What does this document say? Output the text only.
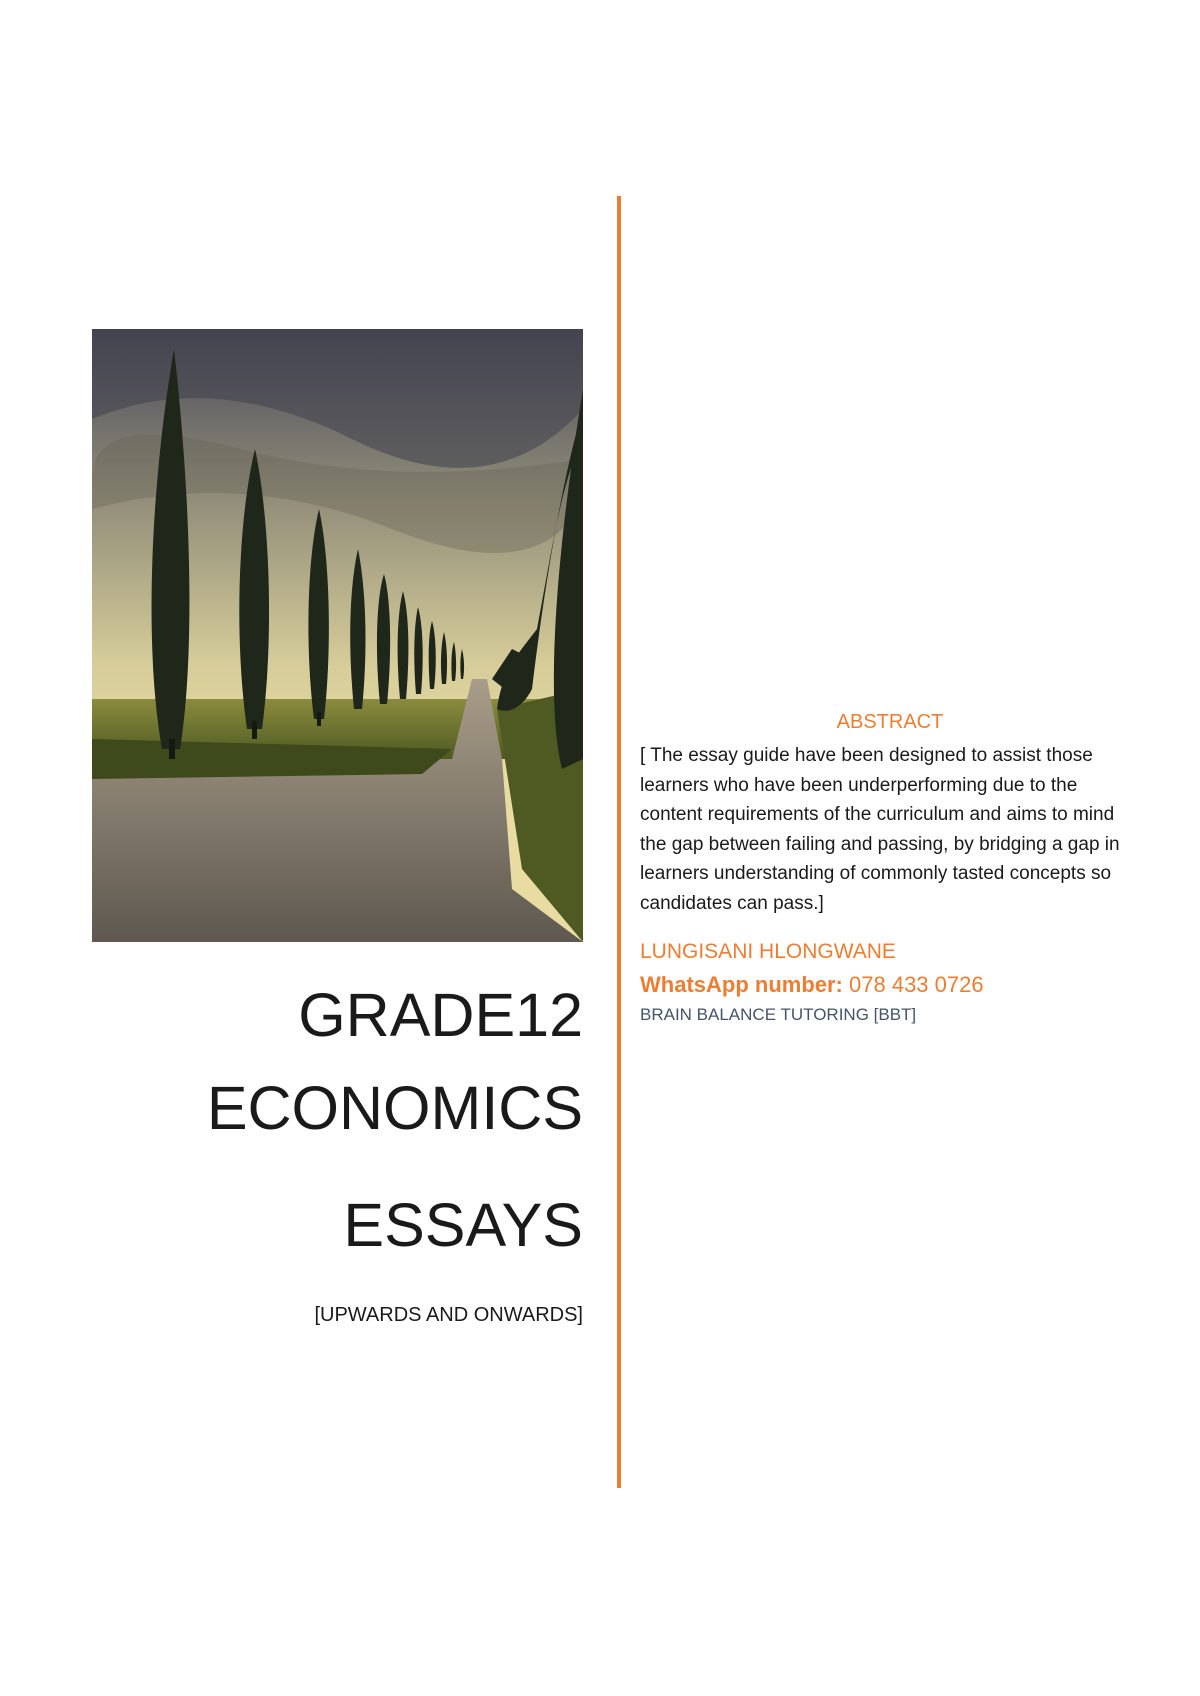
GRADE12
ECONOMICS
ESSAYS
[UPWARDS AND ONWARDS]
ABSTRACT

[ The essay guide have been designed to assist those learners who have been underperforming due to the content requirements of the curriculum and aims to mind the gap between failing and passing, by bridging a gap in learners understanding of commonly tasted concepts so candidates can pass.]

LUNGISANI HLONGWANE
WhatsApp number: 078 433 0726
BRAIN BALANCE TUTORING [BBT]
